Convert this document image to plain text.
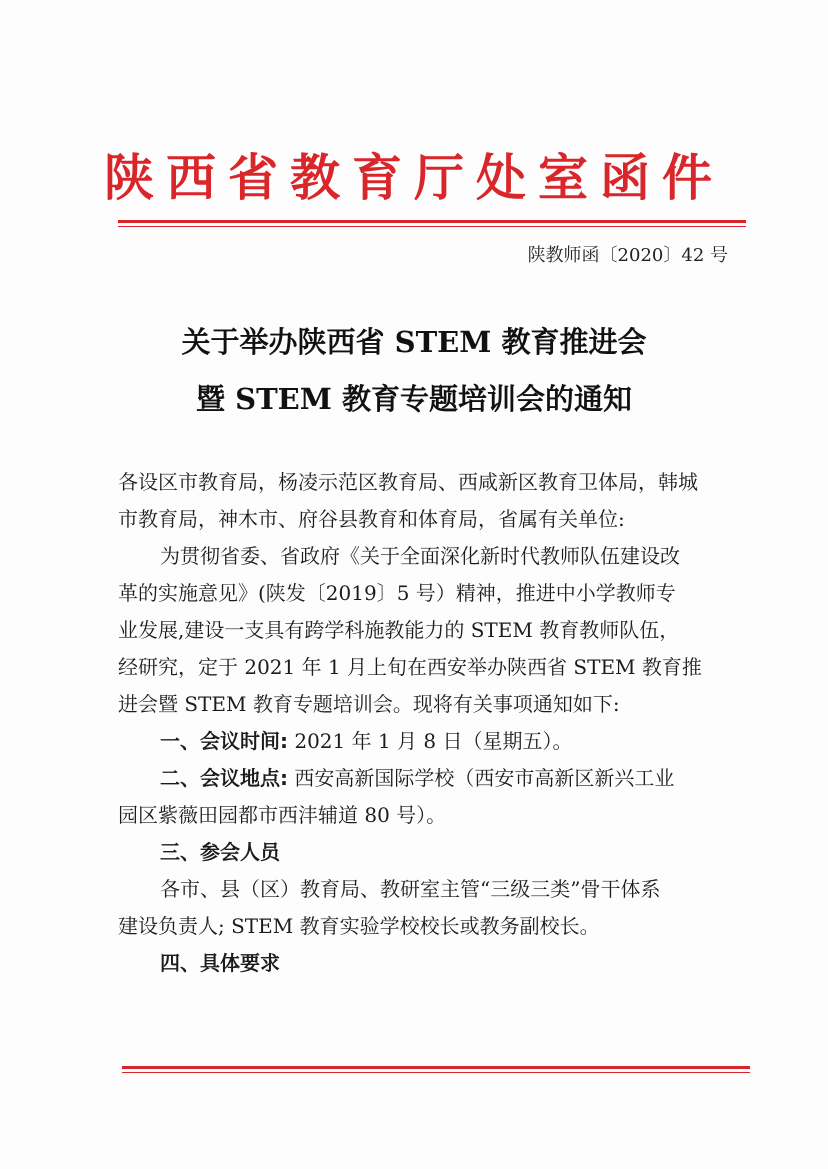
陕西省教育厅处室函件
陕教师函〔2020〕42 号
关于举办陕西省 STEM 教育推进会
暨 STEM 教育专题培训会的通知
各设区市教育局，杨凌示范区教育局、西咸新区教育卫体局，韩城
市教育局，神木市、府谷县教育和体育局，省属有关单位:
为贯彻省委、省政府《关于全面深化新时代教师队伍建设改
革的实施意见》(陕发〔2019〕5 号）精神，推进中小学教师专
业发展,建设一支具有跨学科施教能力的 STEM 教育教师队伍，
经研究，定于 2021 年 1 月上旬在西安举办陕西省 STEM 教育推
进会暨 STEM 教育专题培训会。现将有关事项通知如下:
一、会议时间: 2021 年 1 月 8 日（星期五）。
二、会议地点: 西安高新国际学校（西安市高新区新兴工业
园区紫薇田园都市西沣辅道 80 号）。
三、参会人员
各市、县（区）教育局、教研室主管“三级三类”骨干体系
建设负责人; STEM 教育实验学校校长或教务副校长。
四、具体要求
